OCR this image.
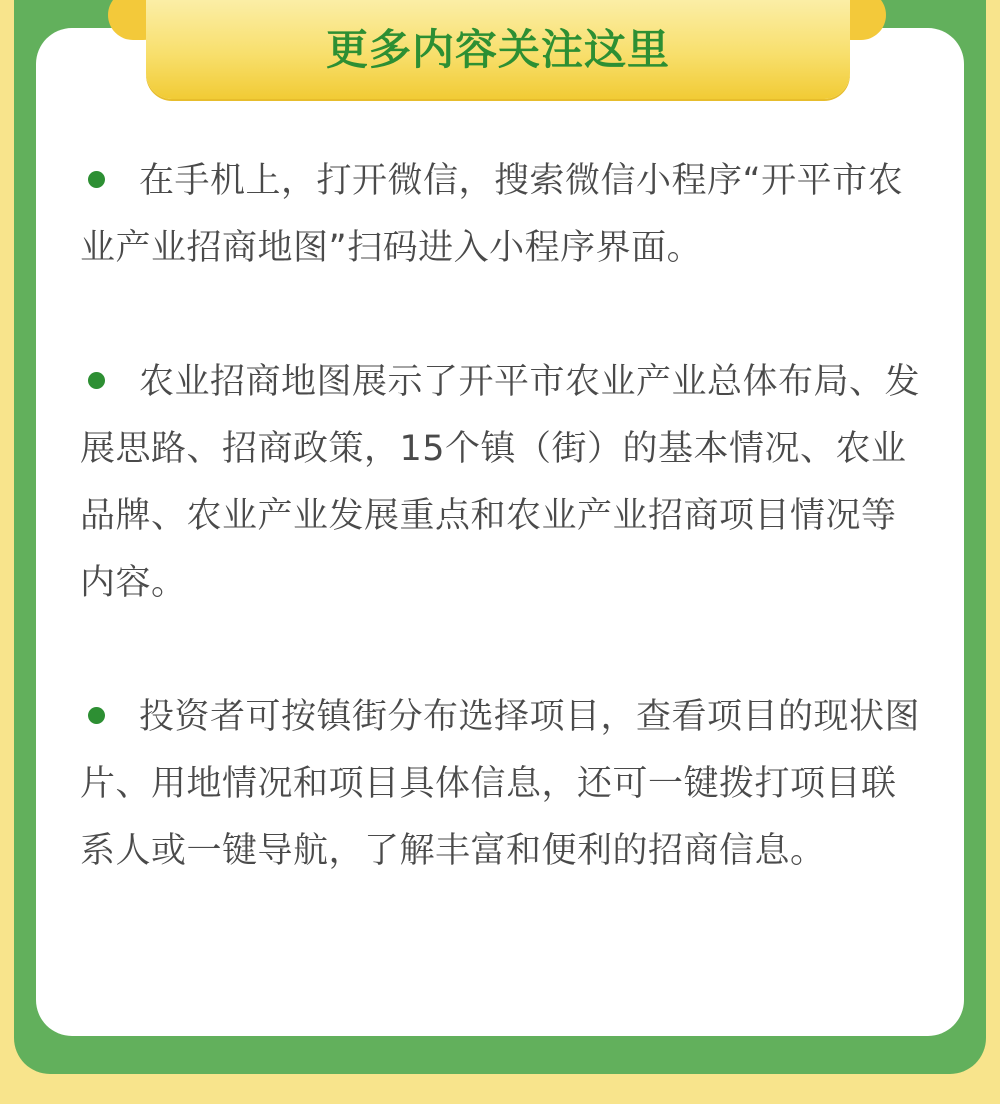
更多内容关注这里

在手机上，打开微信，搜索微信小程序“开平市农业产业招商地图”扫码进入小程序界面。

农业招商地图展示了开平市农业产业总体布局、发展思路、招商政策，15个镇（街）的基本情况、农业品牌、农业产业发展重点和农业产业招商项目情况等内容。

投资者可按镇街分布选择项目，查看项目的现状图片、用地情况和项目具体信息，还可一键拨打项目联系人或一键导航，了解丰富和便利的招商信息。
